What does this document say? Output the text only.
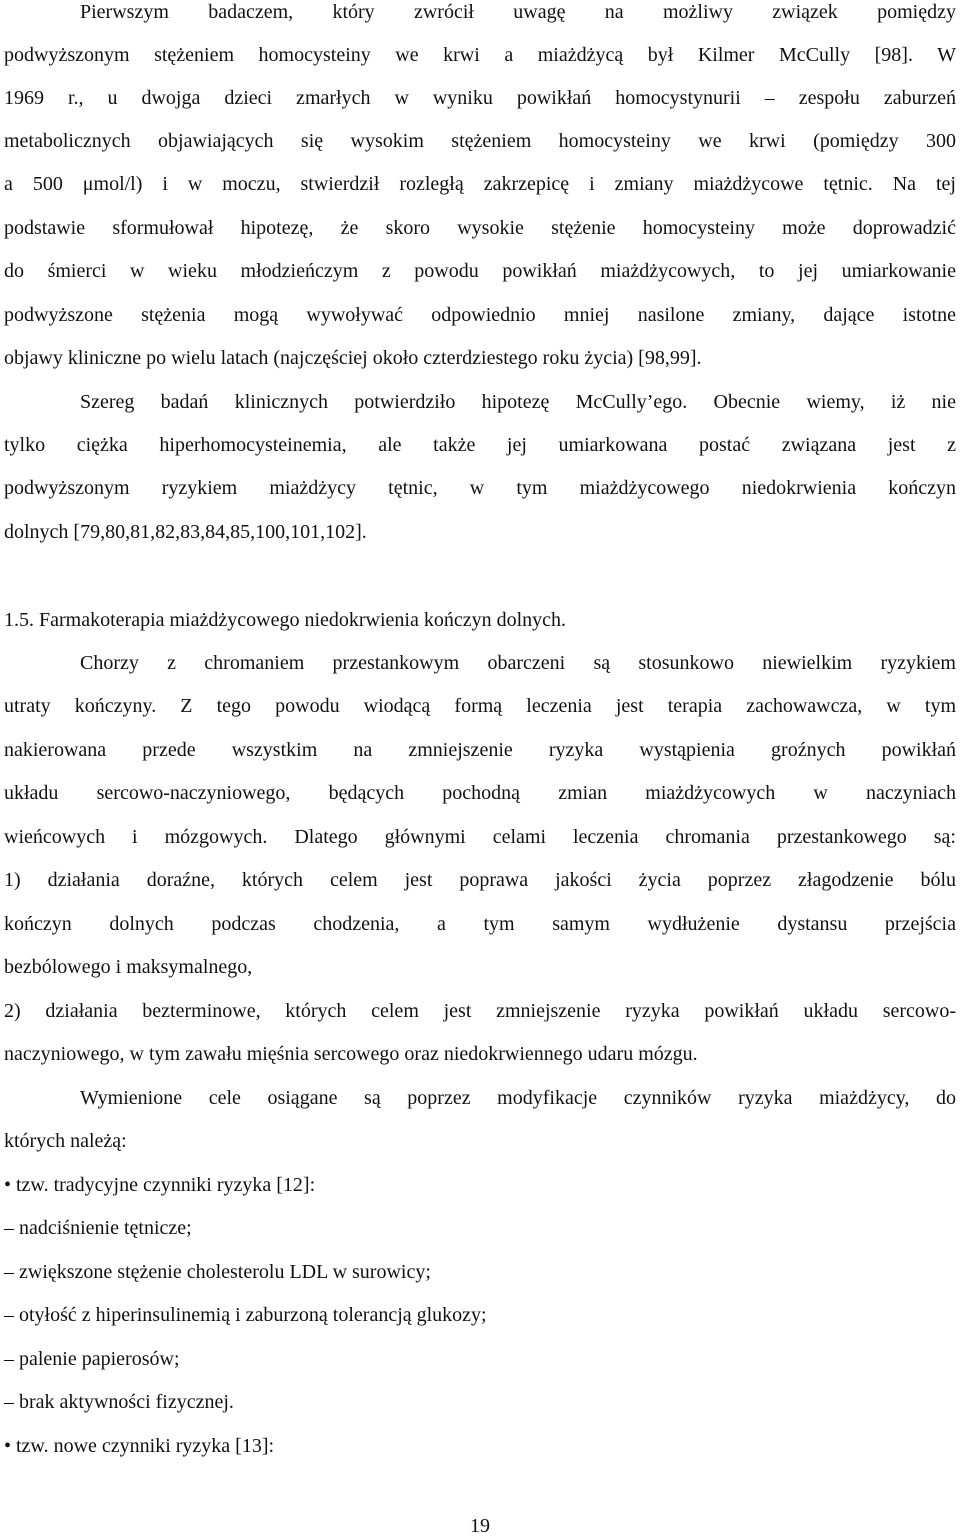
Pierwszym badaczem, który zwrócił uwagę na możliwy związek pomiędzy
podwyższonym stężeniem homocysteiny we krwi a miażdżycą był Kilmer McCully [98]. W
1969 r., u dwojga dzieci zmarłych w wyniku powikłań homocystynurii – zespołu zaburzeń
metabolicznych objawiających się wysokim stężeniem homocysteiny we krwi (pomiędzy 300
a 500 μmol/l) i w moczu, stwierdził rozległą zakrzepicę i zmiany miażdżycowe tętnic. Na tej
podstawie sformułował hipotezę, że skoro wysokie stężenie homocysteiny może doprowadzić
do śmierci w wieku młodzieńczym z powodu powikłań miażdżycowych, to jej umiarkowanie
podwyższone stężenia mogą wywoływać odpowiednio mniej nasilone zmiany, dające istotne
objawy kliniczne po wielu latach (najczęściej około czterdziestego roku życia) [98,99].
Szereg badań klinicznych potwierdziło hipotezę McCully’ego. Obecnie wiemy, iż nie
tylko ciężka hiperhomocysteinemia, ale także jej umiarkowana postać związana jest z
podwyższonym ryzykiem miażdżycy tętnic, w tym miażdżycowego niedokrwienia kończyn
dolnych [79,80,81,82,83,84,85,100,101,102].
1.5. Farmakoterapia miażdżycowego niedokrwienia kończyn dolnych.
Chorzy z chromaniem przestankowym obarczeni są stosunkowo niewielkim ryzykiem
utraty kończyny. Z tego powodu wiodącą formą leczenia jest terapia zachowawcza, w tym
nakierowana przede wszystkim na zmniejszenie ryzyka wystąpienia groźnych powikłań
układu sercowo-naczyniowego, będących pochodną zmian miażdżycowych w naczyniach
wieńcowych i mózgowych. Dlatego głównymi celami leczenia chromania przestankowego są:
1) działania doraźne, których celem jest poprawa jakości życia poprzez złagodzenie bólu
kończyn dolnych podczas chodzenia, a tym samym wydłużenie dystansu przejścia
bezbólowego i maksymalnego,
2) działania bezterminowe, których celem jest zmniejszenie ryzyka powikłań układu sercowo-
naczyniowego, w tym zawału mięśnia sercowego oraz niedokrwiennego udaru mózgu.
Wymienione cele osiągane są poprzez modyfikacje czynników ryzyka miażdżycy, do
których należą:
• tzw. tradycyjne czynniki ryzyka [12]:
– nadciśnienie tętnicze;
– zwiększone stężenie cholesterolu LDL w surowicy;
– otyłość z hiperinsulinemią i zaburzoną tolerancją glukozy;
– palenie papierosów;
– brak aktywności fizycznej.
• tzw. nowe czynniki ryzyka [13]:
19
